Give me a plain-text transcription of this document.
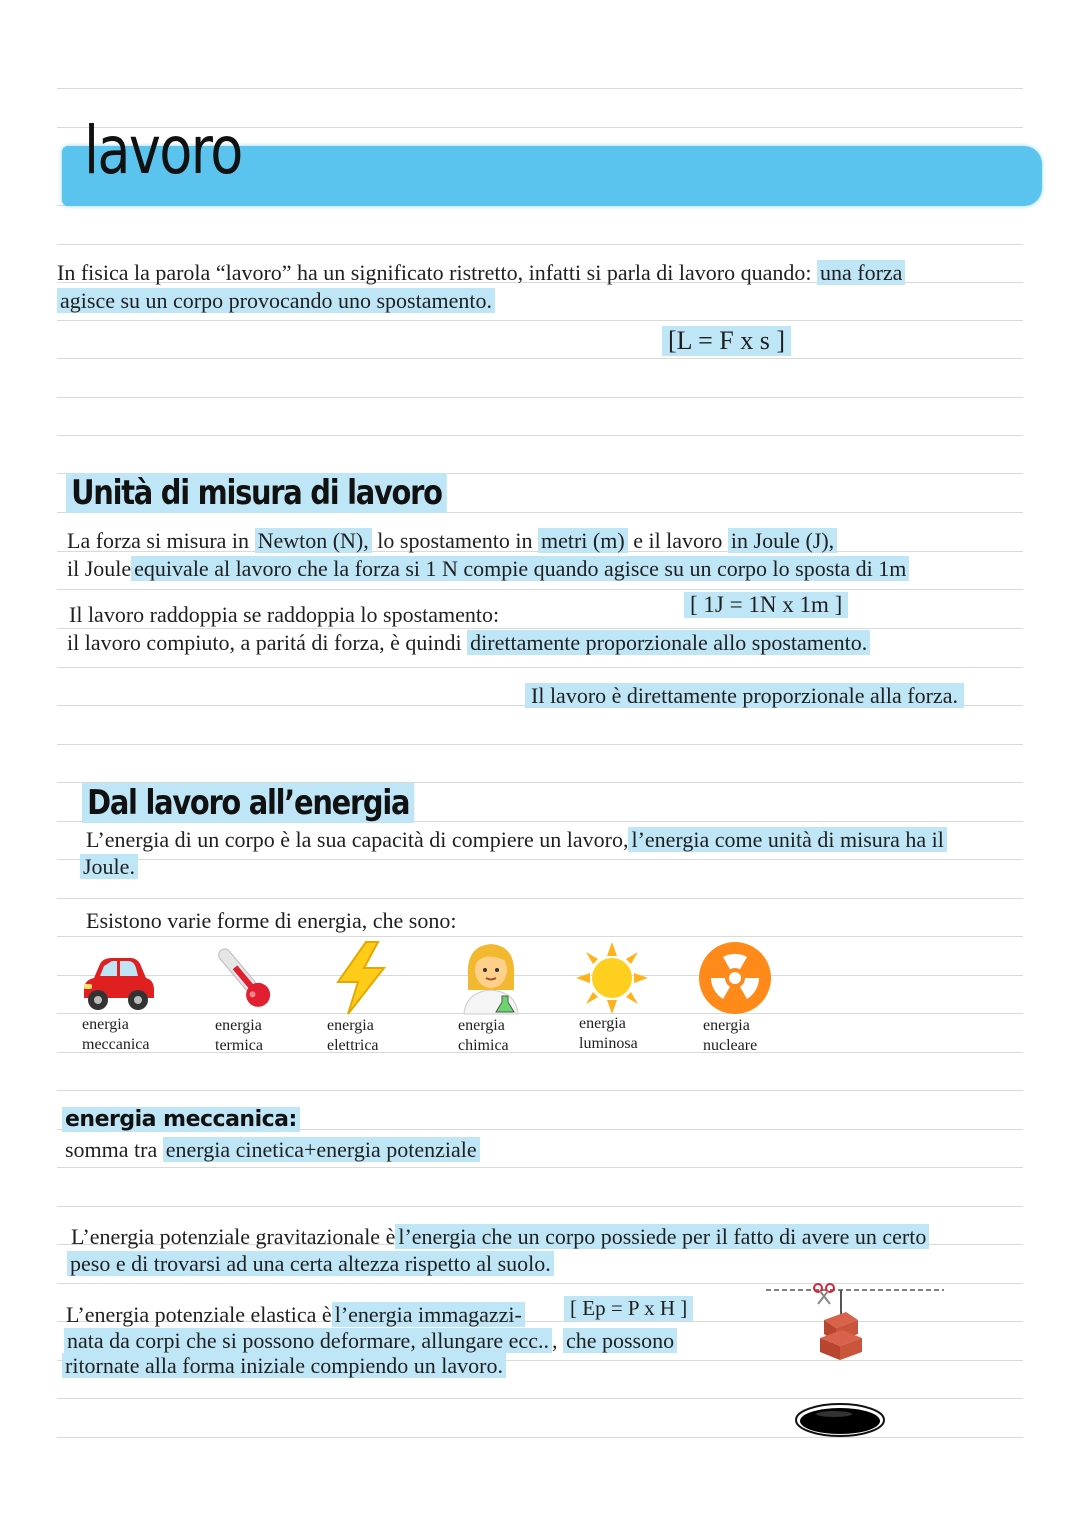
lavoro
In fisica la parola “lavoro” ha un significato ristretto, infatti si parla di lavoro quando: una forza
agisce su un corpo provocando uno spostamento.
[L = F x s ]
Unità di misura di lavoro
La forza si misura in Newton (N), lo spostamento in metri (m) e il lavoro in Joule (J),
il Joule equivale al lavoro che la forza si 1 N compie quando agisce su un corpo lo sposta di 1m
Il lavoro raddoppia se raddoppia lo spostamento:	[ 1J = 1N x 1m ]
il lavoro compiuto, a paritá di forza, è quindi direttamente proporzionale allo spostamento.
Il lavoro è direttamente proporzionale alla forza.
Dal lavoro all’energia
L’energia di un corpo è la sua capacità di compiere un lavoro, l’energia come unità di misura ha il
Joule.
Esistono varie forme di energia, che sono:
energia
meccanica
energia
termica
energia
elettrica
energia
chimica
energia
luminosa
energia
nucleare
energia meccanica:
somma tra energia cinetica+energia potenziale
L’energia potenziale gravitazionale è l’energia che un corpo possiede per il fatto di avere un certo
peso e di trovarsi ad una certa altezza rispetto al suolo.
L’energia potenziale elastica è l’energia immagazzi- [ Ep = P x H ]
nata da corpi che si possono deformare, allungare ecc.. , che possono
ritornate alla forma iniziale compiendo un lavoro.
